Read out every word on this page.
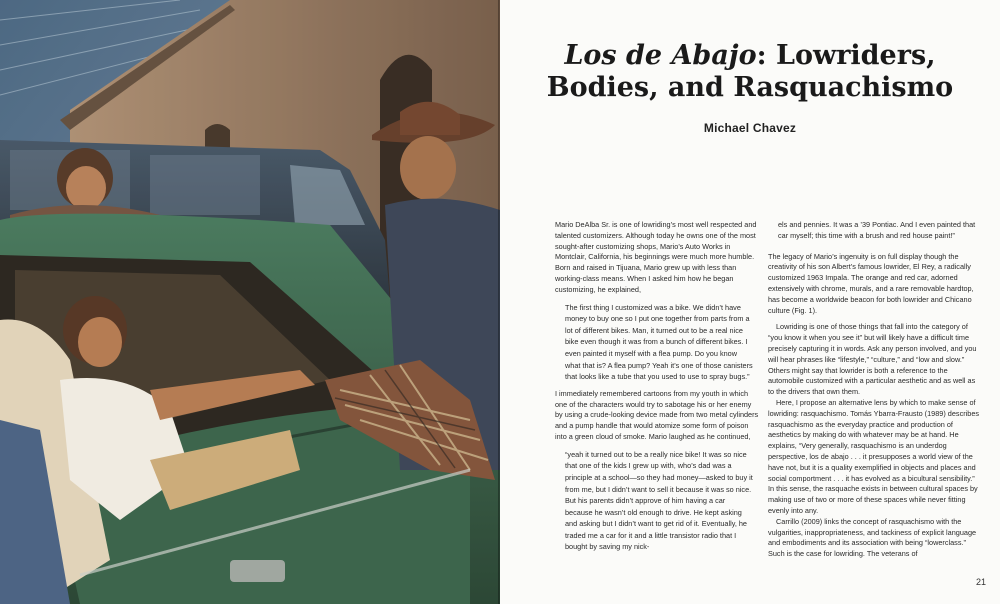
Los de Abajo: Lowriders,
Bodies, and Rasquachismo
Michael Chavez

Mario DeAlba Sr. is one of lowriding’s most well respected and talented customizers. Although today he owns one of the most sought-after customizing shops, Mario’s Auto Works in Montclair, California, his beginnings were much more humble. Born and raised in Tijuana, Mario grew up with less than working-class means. When I asked him how he began customizing, he explained,

The first thing I customized was a bike. We didn’t have money to buy one so I put one together from parts from a lot of different bikes. Man, it turned out to be a real nice bike even though it was from a bunch of different bikes. I even painted it myself with a flea pump. Do you know what that is? A flea pump? Yeah it’s one of those canisters that looks like a tube that you used to use to spray bugs.”

I immediately remembered cartoons from my youth in which one of the characters would try to sabotage his or her enemy by using a crude-looking device made from two metal cylinders and a pump handle that would atomize some form of poison into a green cloud of smoke. Mario laughed as he continued,

“yeah it turned out to be a really nice bike! It was so nice that one of the kids I grew up with, who’s dad was a principle at a school—so they had money—asked to buy it from me, but I didn’t want to sell it because it was so nice. But his parents didn’t approve of him having a car because he wasn’t old enough to drive. He kept asking and asking but I didn’t want to get rid of it. Eventually, he traded me a car for it and a little transistor radio that I bought by saving my nick-

els and pennies. It was a ’39 Pontiac. And I even painted that car myself; this time with a brush and red house paint!”

The legacy of Mario’s ingenuity is on full display though the creativity of his son Albert’s famous lowrider, El Rey, a radically customized 1963 Impala. The orange and red car, adorned extensively with chrome, murals, and a rare removable hardtop, has become a worldwide beacon for both lowrider and Chicano culture (Fig. 1).

Lowriding is one of those things that fall into the category of “you know it when you see it” but will likely have a difficult time precisely capturing it in words. Ask any person involved, and you will hear phrases like “lifestyle,” “culture,” and “low and slow.” Others might say that lowrider is both a reference to the automobile customized with a particular aesthetic and as well as to the drivers that own them.

Here, I propose an alternative lens by which to make sense of lowriding: rasquachismo. Tomás Ybarra-Frausto (1989) describes rasquachismo as the everyday practice and production of aesthetics by making do with whatever may be at hand. He explains, “Very generally, rasquachismo is an underdog perspective, los de abajo . . . it presupposes a world view of the have not, but it is a quality exemplified in objects and places and social comportment . . . it has evolved as a bicultural sensibility.” In this sense, the rasquache exists in between cultural spaces by making use of two or more of these spaces while never fitting evenly into any.

Carrillo (2009) links the concept of rasquachismo with the vulgarities, inappropriateness, and tackiness of explicit language and embodiments and its association with being “lowerclass.” Such is the case for lowriding. The veterans of

21
